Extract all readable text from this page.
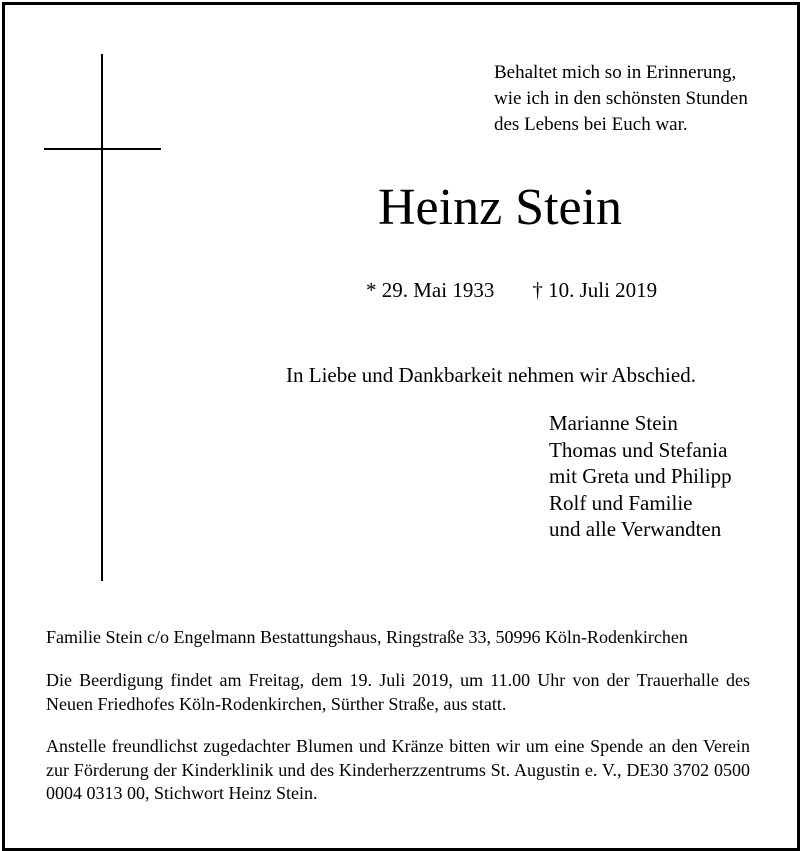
Behaltet mich so in Erinnerung,
wie ich in den schönsten Stunden
des Lebens bei Euch war.
Heinz Stein
* 29. Mai 1933 † 10. Juli 2019
In Liebe und Dankbarkeit nehmen wir Abschied.
Marianne Stein
Thomas und Stefania
mit Greta und Philipp
Rolf und Familie
und alle Verwandten
Familie Stein c/o Engelmann Bestattungshaus, Ringstraße 33, 50996 Köln-Rodenkirchen
Die Beerdigung findet am Freitag, dem 19. Juli 2019, um 11.00 Uhr von der Trauerhalle des Neuen Friedhofes Köln-Rodenkirchen, Sürther Straße, aus statt.
Anstelle freundlichst zugedachter Blumen und Kränze bitten wir um eine Spende an den Verein zur Förderung der Kinderklinik und des Kinderherzzentrums St. Augustin e. V., DE30 3702 0500 0004 0313 00, Stichwort Heinz Stein.
